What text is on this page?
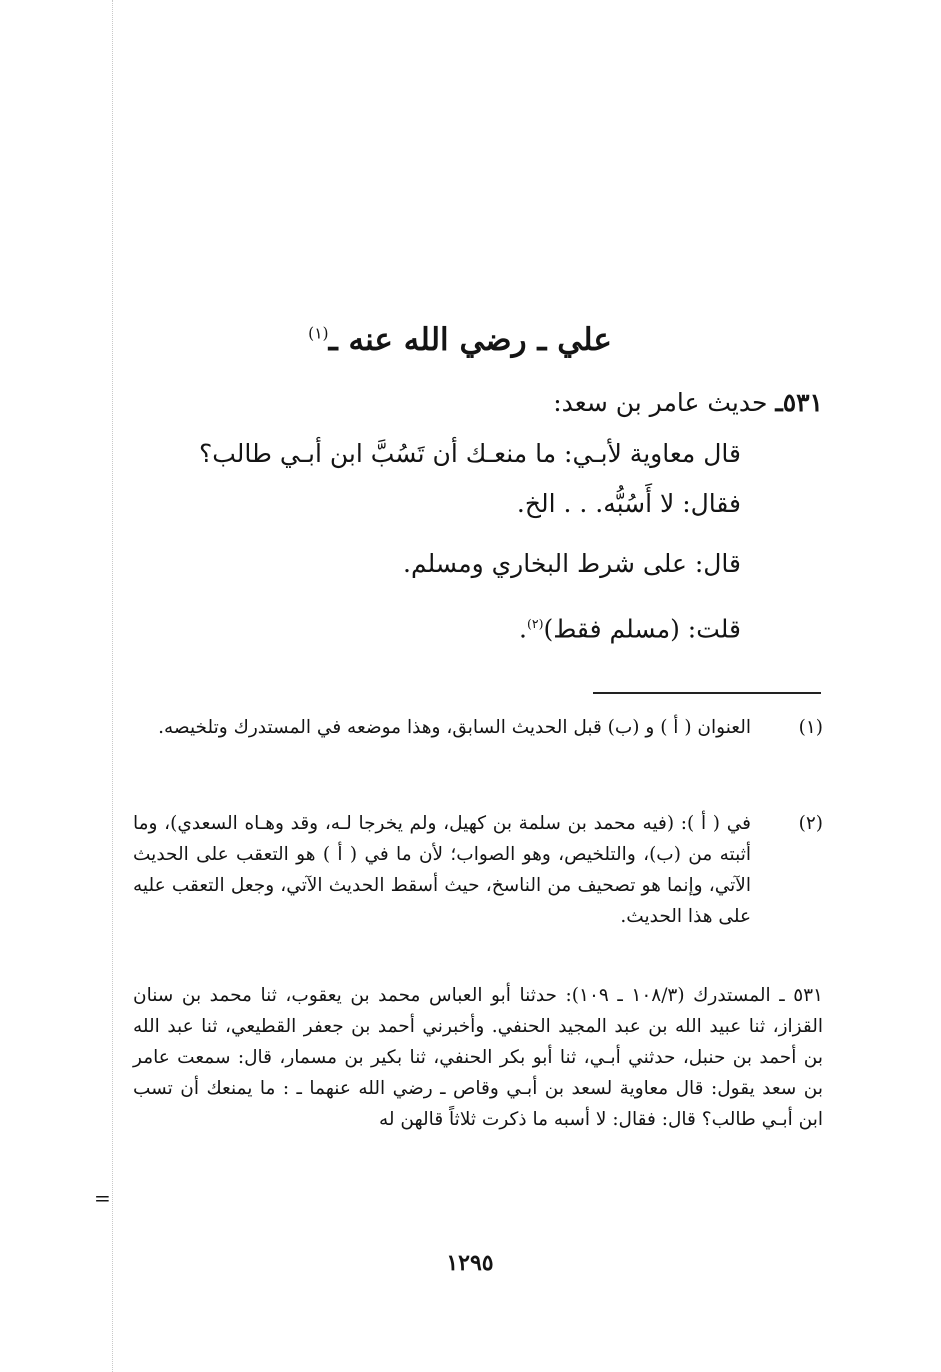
علي ـ رضي الله عنه ـ$^{(١)}$
٥٣١ـ حديث عامر بن سعد:

قال معاوية لأبـي: ما منعـك أن تَسُبَّ ابن أبـي طالب؟

فقال: لا أَسُبُّه. . . الخ.

قال: على شرط البخاري ومسلم.

قلت: (مسلم فقط)$^{(٢)}$.

(١)
العنوان ( أ ) و (ب) قبل الحديث السابق، وهذا موضعه في المستدرك وتلخيصه.
(٢)
في ( أ ): (فيه محمد بن سلمة بن كهيل، ولم يخرجا لـه، وقد وهـاه السعدي)، وما أثبته من (ب)، والتلخيص، وهو الصواب؛ لأن ما في ( أ ) هو التعقب على الحديث الآتي، وإنما هو تصحيف من الناسخ، حيث أسقط الحديث الآتي، وجعل التعقب عليه على هذا الحديث.
٥٣١ ـ المستدرك (١٠٨/٣ ـ ١٠٩): حدثنا أبو العباس محمد بن يعقوب، ثنا محمد بن سنان القزاز، ثنا عبيد الله بن عبد المجيد الحنفي. وأخبرني أحمد بن جعفر القطيعي، ثنا عبد الله بن أحمد بن حنبل، حدثني أبـي، ثنا أبو بكر الحنفي، ثنا بكير بن مسمار، قال: سمعت عامر بن سعد يقول: قال معاوية لسعد بن أبـي وقاص ـ رضي الله عنهما ـ : ما يمنعك أن تسب ابن أبـي طالب؟ قال: فقال: لا أسبه ما ذكرت ثلاثاً قالهن له
=
١٢٩٥
